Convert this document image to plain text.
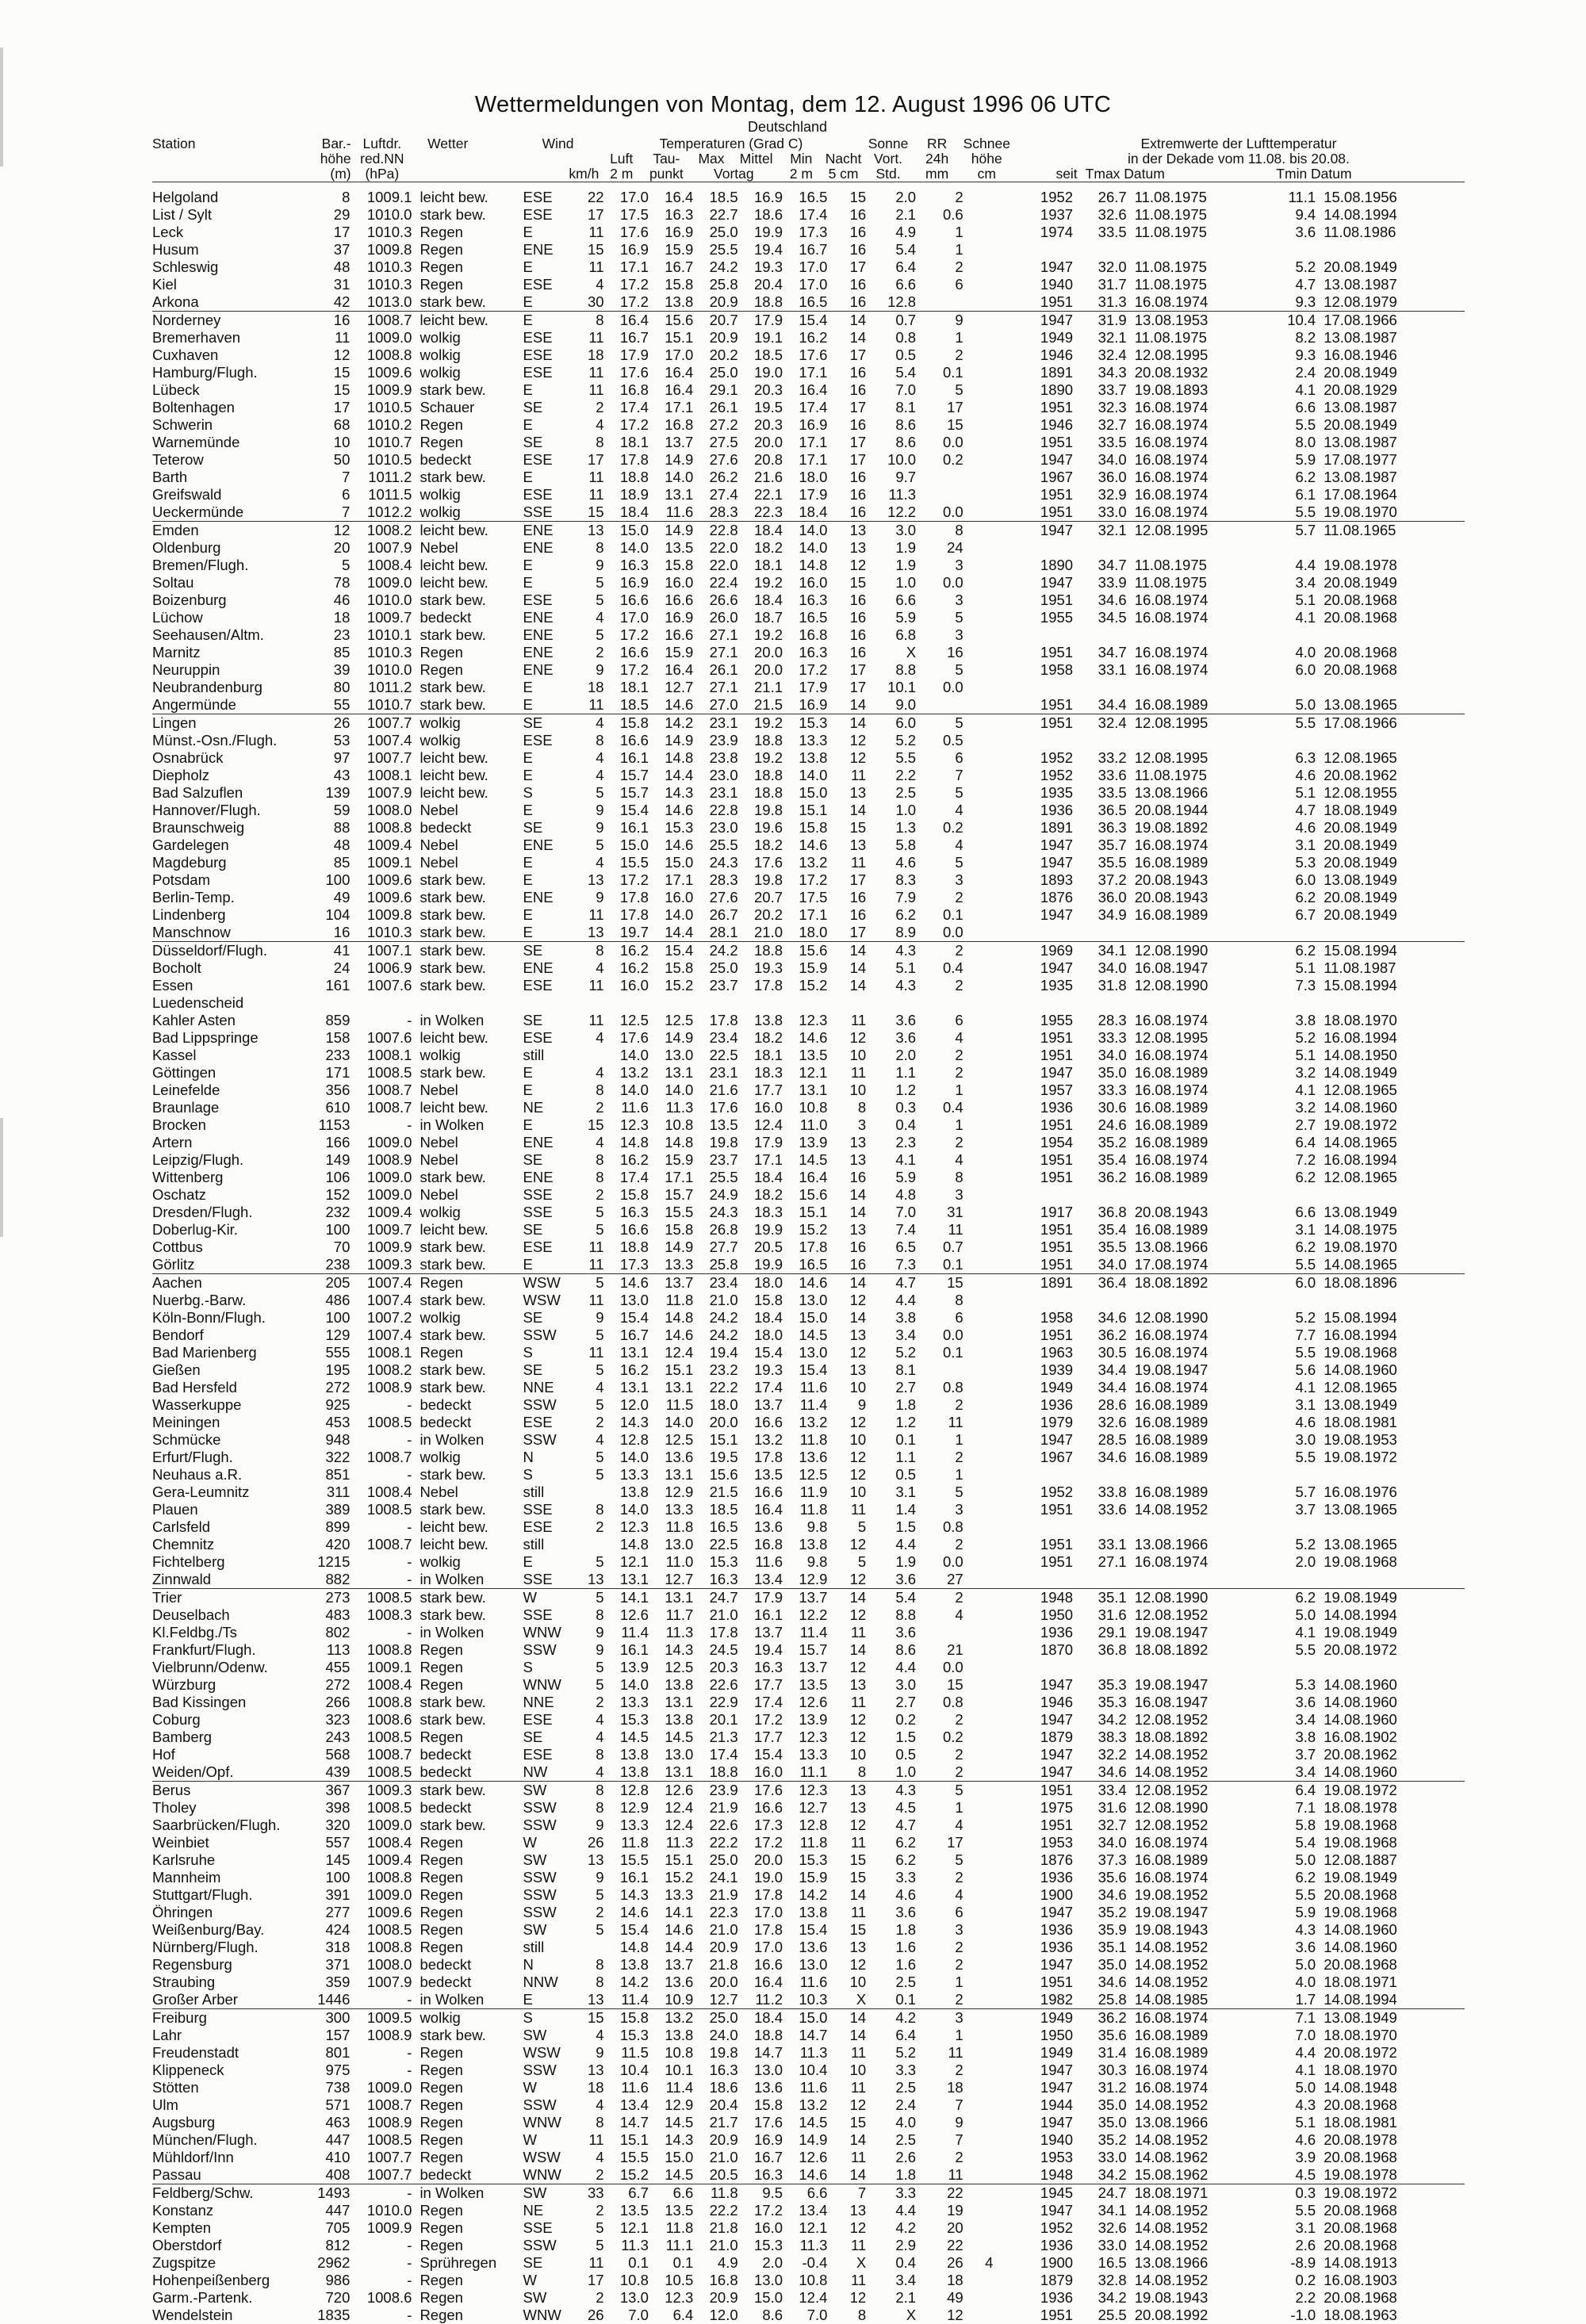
Wettermeldungen von Montag, dem 12. August 1996 06 UTC
Deutschland
Station	Bar.-	Luftdr.	Wetter	Wind		Temperaturen (Grad C)						Sonne	RR	Schnee	Extremwerte der Lufttemperatur		
	höhe	red.NN				Luft	Tau-	Max	Mittel	Min	Nacht	Vort.	24h	höhe	in der Dekade vom 11.08. bis 20.08.		
	(m)	(hPa)			km/h	2 m	punkt	Vortag		2 m	5 cm	Std.	mm	cm	seit	Tmax Datum	Tmin Datum
Helgoland	8	1009.1	leicht bew.	ESE	22	17.0	16.4	18.5	16.9	16.5	15	2.0	2		1952	26.7	11.08.1975	11.1	15.08.1956
List / Sylt	29	1010.0	stark bew.	ESE	17	17.5	16.3	22.7	18.6	17.4	16	2.1	0.6		1937	32.6	11.08.1975	9.4	14.08.1994
Leck	17	1010.3	Regen	E	11	17.6	16.9	25.0	19.9	17.3	16	4.9	1		1974	33.5	11.08.1975	3.6	11.08.1986
Husum	37	1009.8	Regen	ENE	15	16.9	15.9	25.5	19.4	16.7	16	5.4	1						
Schleswig	48	1010.3	Regen	E	11	17.1	16.7	24.2	19.3	17.0	17	6.4	2		1947	32.0	11.08.1975	5.2	20.08.1949
Kiel	31	1010.3	Regen	ESE	4	17.2	15.8	25.8	20.4	17.0	16	6.6	6		1940	31.7	11.08.1975	4.7	13.08.1987
Arkona	42	1013.0	stark bew.	E	30	17.2	13.8	20.9	18.8	16.5	16	12.8			1951	31.3	16.08.1974	9.3	12.08.1979
Norderney	16	1008.7	leicht bew.	E	8	16.4	15.6	20.7	17.9	15.4	14	0.7	9		1947	31.9	13.08.1953	10.4	17.08.1966
Bremerhaven	11	1009.0	wolkig	ESE	11	16.7	15.1	20.9	19.1	16.2	14	0.8	1		1949	32.1	11.08.1975	8.2	13.08.1987
Cuxhaven	12	1008.8	wolkig	ESE	18	17.9	17.0	20.2	18.5	17.6	17	0.5	2		1946	32.4	12.08.1995	9.3	16.08.1946
Hamburg/Flugh.	15	1009.6	wolkig	ESE	11	17.6	16.4	25.0	19.0	17.1	16	5.4	0.1		1891	34.3	20.08.1932	2.4	20.08.1949
Lübeck	15	1009.9	stark bew.	E	11	16.8	16.4	29.1	20.3	16.4	16	7.0	5		1890	33.7	19.08.1893	4.1	20.08.1929
Boltenhagen	17	1010.5	Schauer	SE	2	17.4	17.1	26.1	19.5	17.4	17	8.1	17		1951	32.3	16.08.1974	6.6	13.08.1987
Schwerin	68	1010.2	Regen	E	4	17.2	16.8	27.2	20.3	16.9	16	8.6	15		1946	32.7	16.08.1974	5.5	20.08.1949
Warnemünde	10	1010.7	Regen	SE	8	18.1	13.7	27.5	20.0	17.1	17	8.6	0.0		1951	33.5	16.08.1974	8.0	13.08.1987
Teterow	50	1010.5	bedeckt	ESE	17	17.8	14.9	27.6	20.8	17.1	17	10.0	0.2		1947	34.0	16.08.1974	5.9	17.08.1977
Barth	7	1011.2	stark bew.	E	11	18.8	14.0	26.2	21.6	18.0	16	9.7			1967	36.0	16.08.1974	6.2	13.08.1987
Greifswald	6	1011.5	wolkig	ESE	11	18.9	13.1	27.4	22.1	17.9	16	11.3			1951	32.9	16.08.1974	6.1	17.08.1964
Ueckermünde	7	1012.2	wolkig	SSE	15	18.4	11.6	28.3	22.3	18.4	16	12.2	0.0		1951	33.0	16.08.1974	5.5	19.08.1970
Emden	12	1008.2	leicht bew.	ENE	13	15.0	14.9	22.8	18.4	14.0	13	3.0	8		1947	32.1	12.08.1995	5.7	11.08.1965
Oldenburg	20	1007.9	Nebel	ENE	8	14.0	13.5	22.0	18.2	14.0	13	1.9	24						
Bremen/Flugh.	5	1008.4	leicht bew.	E	9	16.3	15.8	22.0	18.1	14.8	12	1.9	3		1890	34.7	11.08.1975	4.4	19.08.1978
Soltau	78	1009.0	leicht bew.	E	5	16.9	16.0	22.4	19.2	16.0	15	1.0	0.0		1947	33.9	11.08.1975	3.4	20.08.1949
Boizenburg	46	1010.0	stark bew.	ESE	5	16.6	16.6	26.6	18.4	16.3	16	6.6	3		1951	34.6	16.08.1974	5.1	20.08.1968
Lüchow	18	1009.7	bedeckt	ENE	4	17.0	16.9	26.0	18.7	16.5	16	5.9	5		1955	34.5	16.08.1974	4.1	20.08.1968
Seehausen/Altm.	23	1010.1	stark bew.	ENE	5	17.2	16.6	27.1	19.2	16.8	16	6.8	3						
Marnitz	85	1010.3	Regen	ENE	2	16.6	15.9	27.1	20.0	16.3	16	X	16		1951	34.7	16.08.1974	4.0	20.08.1968
Neuruppin	39	1010.0	Regen	ENE	9	17.2	16.4	26.1	20.0	17.2	17	8.8	5		1958	33.1	16.08.1974	6.0	20.08.1968
Neubrandenburg	80	1011.2	stark bew.	E	18	18.1	12.7	27.1	21.1	17.9	17	10.1	0.0						
Angermünde	55	1010.7	stark bew.	E	11	18.5	14.6	27.0	21.5	16.9	14	9.0			1951	34.4	16.08.1989	5.0	13.08.1965
Lingen	26	1007.7	wolkig	SE	4	15.8	14.2	23.1	19.2	15.3	14	6.0	5		1951	32.4	12.08.1995	5.5	17.08.1966
Münst.-Osn./Flugh.	53	1007.4	wolkig	ESE	8	16.6	14.9	23.9	18.8	13.3	12	5.2	0.5						
Osnabrück	97	1007.7	leicht bew.	E	4	16.1	14.8	23.8	19.2	13.8	12	5.5	6		1952	33.2	12.08.1995	6.3	12.08.1965
Diepholz	43	1008.1	leicht bew.	E	4	15.7	14.4	23.0	18.8	14.0	11	2.2	7		1952	33.6	11.08.1975	4.6	20.08.1962
Bad Salzuflen	139	1007.9	leicht bew.	S	5	15.7	14.3	23.1	18.8	15.0	13	2.5	5		1935	33.5	13.08.1966	5.1	12.08.1955
Hannover/Flugh.	59	1008.0	Nebel	E	9	15.4	14.6	22.8	19.8	15.1	14	1.0	4		1936	36.5	20.08.1944	4.7	18.08.1949
Braunschweig	88	1008.8	bedeckt	SE	9	16.1	15.3	23.0	19.6	15.8	15	1.3	0.2		1891	36.3	19.08.1892	4.6	20.08.1949
Gardelegen	48	1009.4	Nebel	ENE	5	15.0	14.6	25.5	18.2	14.6	13	5.8	4		1947	35.7	16.08.1974	3.1	20.08.1949
Magdeburg	85	1009.1	Nebel	E	4	15.5	15.0	24.3	17.6	13.2	11	4.6	5		1947	35.5	16.08.1989	5.3	20.08.1949
Potsdam	100	1009.6	stark bew.	E	13	17.2	17.1	28.3	19.8	17.2	17	8.3	3		1893	37.2	20.08.1943	6.0	13.08.1949
Berlin-Temp.	49	1009.6	stark bew.	ENE	9	17.8	16.0	27.6	20.7	17.5	16	7.9	2		1876	36.0	20.08.1943	6.2	20.08.1949
Lindenberg	104	1009.8	stark bew.	E	11	17.8	14.0	26.7	20.2	17.1	16	6.2	0.1		1947	34.9	16.08.1989	6.7	20.08.1949
Manschnow	16	1010.3	stark bew.	E	13	19.7	14.4	28.1	21.0	18.0	17	8.9	0.0						
Düsseldorf/Flugh.	41	1007.1	stark bew.	SE	8	16.2	15.4	24.2	18.8	15.6	14	4.3	2		1969	34.1	12.08.1990	6.2	15.08.1994
Bocholt	24	1006.9	stark bew.	ENE	4	16.2	15.8	25.0	19.3	15.9	14	5.1	0.4		1947	34.0	16.08.1947	5.1	11.08.1987
Essen	161	1007.6	stark bew.	ESE	11	16.0	15.2	23.7	17.8	15.2	14	4.3	2		1935	31.8	12.08.1990	7.3	15.08.1994
Luedenscheid																			
Kahler Asten	859	-	in Wolken	SE	11	12.5	12.5	17.8	13.8	12.3	11	3.6	6		1955	28.3	16.08.1974	3.8	18.08.1970
Bad Lippspringe	158	1007.6	leicht bew.	ESE	4	17.6	14.9	23.4	18.2	14.6	12	3.6	4		1951	33.3	12.08.1995	5.2	16.08.1994
Kassel	233	1008.1	wolkig	still		14.0	13.0	22.5	18.1	13.5	10	2.0	2		1951	34.0	16.08.1974	5.1	14.08.1950
Göttingen	171	1008.5	stark bew.	E	4	13.2	13.1	23.1	18.3	12.1	11	1.1	2		1947	35.0	16.08.1989	3.2	14.08.1949
Leinefelde	356	1008.7	Nebel	E	8	14.0	14.0	21.6	17.7	13.1	10	1.2	1		1957	33.3	16.08.1974	4.1	12.08.1965
Braunlage	610	1008.7	leicht bew.	NE	2	11.6	11.3	17.6	16.0	10.8	8	0.3	0.4		1936	30.6	16.08.1989	3.2	14.08.1960
Brocken	1153	-	in Wolken	E	15	12.3	10.8	13.5	12.4	11.0	3	0.4	1		1951	24.6	16.08.1989	2.7	19.08.1972
Artern	166	1009.0	Nebel	ENE	4	14.8	14.8	19.8	17.9	13.9	13	2.3	2		1954	35.2	16.08.1989	6.4	14.08.1965
Leipzig/Flugh.	149	1008.9	Nebel	SE	8	16.2	15.9	23.7	17.1	14.5	13	4.1	4		1951	35.4	16.08.1974	7.2	16.08.1994
Wittenberg	106	1009.0	stark bew.	ENE	8	17.4	17.1	25.5	18.4	16.4	16	5.9	8		1951	36.2	16.08.1989	6.2	12.08.1965
Oschatz	152	1009.0	Nebel	SSE	2	15.8	15.7	24.9	18.2	15.6	14	4.8	3						
Dresden/Flugh.	232	1009.4	wolkig	SSE	5	16.3	15.5	24.3	18.3	15.1	14	7.0	31		1917	36.8	20.08.1943	6.6	13.08.1949
Doberlug-Kir.	100	1009.7	leicht bew.	SE	5	16.6	15.8	26.8	19.9	15.2	13	7.4	11		1951	35.4	16.08.1989	3.1	14.08.1975
Cottbus	70	1009.9	stark bew.	ESE	11	18.8	14.9	27.7	20.5	17.8	16	6.5	0.7		1951	35.5	13.08.1966	6.2	19.08.1970
Görlitz	238	1009.3	stark bew.	E	11	17.3	13.3	25.8	19.9	16.5	16	7.3	0.1		1951	34.0	17.08.1974	5.5	14.08.1965
Aachen	205	1007.4	Regen	WSW	5	14.6	13.7	23.4	18.0	14.6	14	4.7	15		1891	36.4	18.08.1892	6.0	18.08.1896
Nuerbg.-Barw.	486	1007.4	stark bew.	WSW	11	13.0	11.8	21.0	15.8	13.0	12	4.4	8						
Köln-Bonn/Flugh.	100	1007.2	wolkig	SE	9	15.4	14.8	24.2	18.4	15.0	14	3.8	6		1958	34.6	12.08.1990	5.2	15.08.1994
Bendorf	129	1007.4	stark bew.	SSW	5	16.7	14.6	24.2	18.0	14.5	13	3.4	0.0		1951	36.2	16.08.1974	7.7	16.08.1994
Bad Marienberg	555	1008.1	Regen	S	11	13.1	12.4	19.4	15.4	13.0	12	5.2	0.1		1963	30.5	16.08.1974	5.5	19.08.1968
Gießen	195	1008.2	stark bew.	SE	5	16.2	15.1	23.2	19.3	15.4	13	8.1			1939	34.4	19.08.1947	5.6	14.08.1960
Bad Hersfeld	272	1008.9	stark bew.	NNE	4	13.1	13.1	22.2	17.4	11.6	10	2.7	0.8		1949	34.4	16.08.1974	4.1	12.08.1965
Wasserkuppe	925	-	bedeckt	SSW	5	12.0	11.5	18.0	13.7	11.4	9	1.8	2		1936	28.6	16.08.1989	3.1	13.08.1949
Meiningen	453	1008.5	bedeckt	ESE	2	14.3	14.0	20.0	16.6	13.2	12	1.2	11		1979	32.6	16.08.1989	4.6	18.08.1981
Schmücke	948	-	in Wolken	SSW	4	12.8	12.5	15.1	13.2	11.8	10	0.1	1		1947	28.5	16.08.1989	3.0	19.08.1953
Erfurt/Flugh.	322	1008.7	wolkig	N	5	14.0	13.6	19.5	17.8	13.6	12	1.1	2		1967	34.6	16.08.1989	5.5	19.08.1972
Neuhaus a.R.	851	-	stark bew.	S	5	13.3	13.1	15.6	13.5	12.5	12	0.5	1						
Gera-Leumnitz	311	1008.4	Nebel	still		13.8	12.9	21.5	16.6	11.9	10	3.1	5		1952	33.8	16.08.1989	5.7	16.08.1976
Plauen	389	1008.5	stark bew.	SSE	8	14.0	13.3	18.5	16.4	11.8	11	1.4	3		1951	33.6	14.08.1952	3.7	13.08.1965
Carlsfeld	899	-	leicht bew.	ESE	2	12.3	11.8	16.5	13.6	9.8	5	1.5	0.8						
Chemnitz	420	1008.7	leicht bew.	still		14.8	13.0	22.5	16.8	13.8	12	4.4	2		1951	33.1	13.08.1966	5.2	13.08.1965
Fichtelberg	1215	-	wolkig	E	5	12.1	11.0	15.3	11.6	9.8	5	1.9	0.0		1951	27.1	16.08.1974	2.0	19.08.1968
Zinnwald	882	-	in Wolken	SSE	13	13.1	12.7	16.3	13.4	12.9	12	3.6	27						
Trier	273	1008.5	stark bew.	W	5	14.1	13.1	24.7	17.9	13.7	14	5.4	2		1948	35.1	12.08.1990	6.2	19.08.1949
Deuselbach	483	1008.3	stark bew.	SSE	8	12.6	11.7	21.0	16.1	12.2	12	8.8	4		1950	31.6	12.08.1952	5.0	14.08.1994
Kl.Feldbg./Ts	802	-	in Wolken	WNW	9	11.4	11.3	17.8	13.7	11.4	11	3.6			1936	29.1	19.08.1947	4.1	19.08.1949
Frankfurt/Flugh.	113	1008.8	Regen	SSW	9	16.1	14.3	24.5	19.4	15.7	14	8.6	21		1870	36.8	18.08.1892	5.5	20.08.1972
Vielbrunn/Odenw.	455	1009.1	Regen	S	5	13.9	12.5	20.3	16.3	13.7	12	4.4	0.0						
Würzburg	272	1008.4	Regen	WNW	5	14.0	13.8	22.6	17.7	13.5	13	3.0	15		1947	35.3	19.08.1947	5.3	14.08.1960
Bad Kissingen	266	1008.8	stark bew.	NNE	2	13.3	13.1	22.9	17.4	12.6	11	2.7	0.8		1946	35.3	16.08.1947	3.6	14.08.1960
Coburg	323	1008.6	stark bew.	ESE	4	15.3	13.8	20.1	17.2	13.9	12	0.2	2		1947	34.2	12.08.1952	3.4	14.08.1960
Bamberg	243	1008.5	Regen	SE	4	14.5	14.5	21.3	17.7	12.3	12	1.5	0.2		1879	38.3	18.08.1892	3.8	16.08.1902
Hof	568	1008.7	bedeckt	ESE	8	13.8	13.0	17.4	15.4	13.3	10	0.5	2		1947	32.2	14.08.1952	3.7	20.08.1962
Weiden/Opf.	439	1008.5	bedeckt	NW	4	13.8	13.1	18.8	16.0	11.1	8	1.0	2		1947	34.6	14.08.1952	3.4	14.08.1960
Berus	367	1009.3	stark bew.	SW	8	12.8	12.6	23.9	17.6	12.3	13	4.3	5		1951	33.4	12.08.1952	6.4	19.08.1972
Tholey	398	1008.5	bedeckt	SSW	8	12.9	12.4	21.9	16.6	12.7	13	4.5	1		1975	31.6	12.08.1990	7.1	18.08.1978
Saarbrücken/Flugh.	320	1009.0	stark bew.	SSW	9	13.3	12.4	22.6	17.3	12.8	12	4.7	4		1951	32.7	12.08.1952	5.8	19.08.1968
Weinbiet	557	1008.4	Regen	W	26	11.8	11.3	22.2	17.2	11.8	11	6.2	17		1953	34.0	16.08.1974	5.4	19.08.1968
Karlsruhe	145	1009.4	Regen	SW	13	15.5	15.1	25.0	20.0	15.3	15	6.2	5		1876	37.3	16.08.1989	5.0	12.08.1887
Mannheim	100	1008.8	Regen	SSW	9	16.1	15.2	24.1	19.0	15.9	15	3.3	2		1936	35.6	16.08.1974	6.2	19.08.1949
Stuttgart/Flugh.	391	1009.0	Regen	SSW	5	14.3	13.3	21.9	17.8	14.2	14	4.6	4		1900	34.6	19.08.1952	5.5	20.08.1968
Öhringen	277	1009.6	Regen	SSW	2	14.6	14.1	22.3	17.0	13.8	11	3.6	6		1947	35.2	19.08.1947	5.9	19.08.1968
Weißenburg/Bay.	424	1008.5	Regen	SW	5	15.4	14.6	21.0	17.8	15.4	15	1.8	3		1936	35.9	19.08.1943	4.3	14.08.1960
Nürnberg/Flugh.	318	1008.8	Regen	still		14.8	14.4	20.9	17.0	13.6	13	1.6	2		1936	35.1	14.08.1952	3.6	14.08.1960
Regensburg	371	1008.0	bedeckt	N	8	13.8	13.7	21.8	16.6	13.0	12	1.6	2		1947	35.0	14.08.1952	5.0	20.08.1968
Straubing	359	1007.9	bedeckt	NNW	8	14.2	13.6	20.0	16.4	11.6	10	2.5	1		1951	34.6	14.08.1952	4.0	18.08.1971
Großer Arber	1446	-	in Wolken	E	13	11.4	10.9	12.7	11.2	10.3	X	0.1	2		1982	25.8	14.08.1985	1.7	14.08.1994
Freiburg	300	1009.5	wolkig	S	15	15.8	13.2	25.0	18.4	15.0	14	4.2	3		1949	36.2	16.08.1974	7.1	13.08.1949
Lahr	157	1008.9	stark bew.	SW	4	15.3	13.8	24.0	18.8	14.7	14	6.4	1		1950	35.6	16.08.1989	7.0	18.08.1970
Freudenstadt	801	-	Regen	WSW	9	11.5	10.8	19.8	14.7	11.3	11	5.2	11		1949	31.4	16.08.1989	4.4	20.08.1972
Klippeneck	975	-	Regen	SSW	13	10.4	10.1	16.3	13.0	10.4	10	3.3	2		1947	30.3	16.08.1974	4.1	18.08.1970
Stötten	738	1009.0	Regen	W	18	11.6	11.4	18.6	13.6	11.6	11	2.5	18		1947	31.2	16.08.1974	5.0	14.08.1948
Ulm	571	1008.7	Regen	SSW	4	13.4	12.9	20.4	15.8	13.2	12	2.4	7		1944	35.0	14.08.1952	4.3	20.08.1968
Augsburg	463	1008.9	Regen	WNW	8	14.7	14.5	21.7	17.6	14.5	15	4.0	9		1947	35.0	13.08.1966	5.1	18.08.1981
München/Flugh.	447	1008.5	Regen	W	11	15.1	14.3	20.9	16.9	14.9	14	2.5	7		1940	35.2	14.08.1952	4.6	20.08.1978
Mühldorf/Inn	410	1007.7	Regen	WSW	4	15.5	15.0	21.0	16.7	12.6	11	2.6	2		1953	33.0	14.08.1962	3.9	20.08.1968
Passau	408	1007.7	bedeckt	WNW	2	15.2	14.5	20.5	16.3	14.6	14	1.8	11		1948	34.2	15.08.1962	4.5	19.08.1978
Feldberg/Schw.	1493	-	in Wolken	SW	33	6.7	6.6	11.8	9.5	6.6	7	3.3	22		1945	24.7	18.08.1971	0.3	19.08.1972
Konstanz	447	1010.0	Regen	NE	2	13.5	13.5	22.2	17.2	13.4	13	4.4	19		1947	34.1	14.08.1952	5.5	20.08.1968
Kempten	705	1009.9	Regen	SSE	5	12.1	11.8	21.8	16.0	12.1	12	4.2	20		1952	32.6	14.08.1952	3.1	20.08.1968
Oberstdorf	812	-	Regen	SSW	5	11.3	11.1	21.0	15.3	11.3	11	2.9	22		1936	33.0	14.08.1952	2.6	20.08.1968
Zugspitze	2962	-	Sprühregen	SE	11	0.1	0.1	4.9	2.0	-0.4	X	0.4	26	4	1900	16.5	13.08.1966	-8.9	14.08.1913
Hohenpeißenberg	986	-	Regen	W	17	10.8	10.5	16.8	13.0	10.8	11	3.4	18		1879	32.8	14.08.1952	0.2	16.08.1903
Garm.-Partenk.	720	1008.6	Regen	SW	2	13.0	12.3	20.9	15.0	12.4	12	2.1	49		1936	34.2	19.08.1943	2.2	20.08.1968
Wendelstein	1835	-	Regen	WNW	26	7.0	6.4	12.0	8.6	7.0	8	X	12		1951	25.5	20.08.1992	-1.0	18.08.1963
